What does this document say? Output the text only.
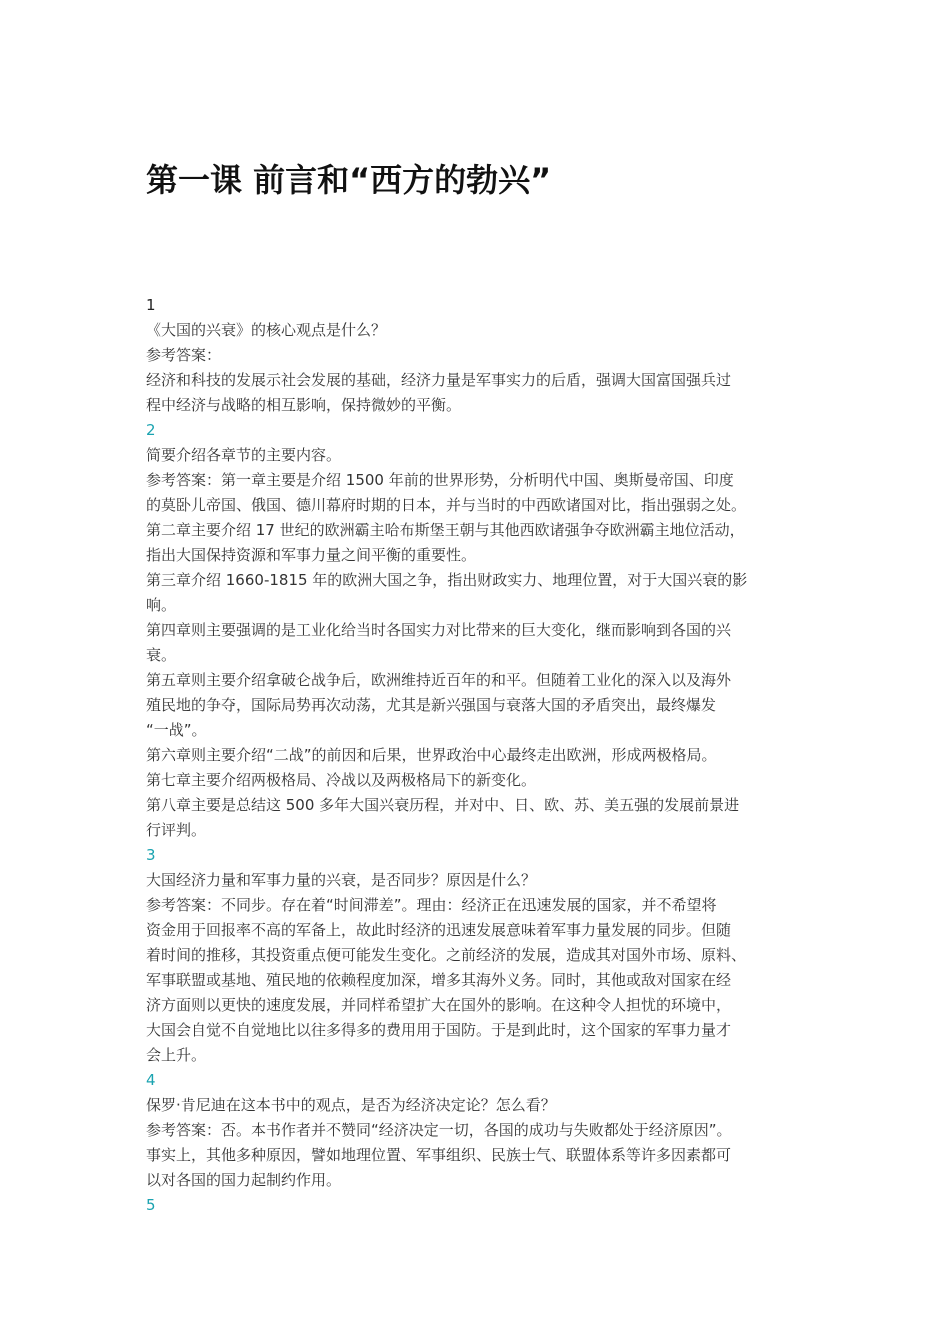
第一课 前言和“西方的勃兴”
1
《大国的兴衰》的核心观点是什么？
参考答案：
经济和科技的发展示社会发展的基础，经济力量是军事实力的后盾，强调大国富国强兵过
程中经济与战略的相互影响，保持微妙的平衡。
2
简要介绍各章节的主要内容。
参考答案：第一章主要是介绍 1500 年前的世界形势，分析明代中国、奥斯曼帝国、印度
的莫卧儿帝国、俄国、德川幕府时期的日本，并与当时的中西欧诸国对比，指出强弱之处。
第二章主要介绍 17 世纪的欧洲霸主哈布斯堡王朝与其他西欧诸强争夺欧洲霸主地位活动，
指出大国保持资源和军事力量之间平衡的重要性。
第三章介绍 1660-1815 年的欧洲大国之争，指出财政实力、地理位置，对于大国兴衰的影
响。
第四章则主要强调的是工业化给当时各国实力对比带来的巨大变化，继而影响到各国的兴
衰。
第五章则主要介绍拿破仑战争后，欧洲维持近百年的和平。但随着工业化的深入以及海外
殖民地的争夺，国际局势再次动荡，尤其是新兴强国与衰落大国的矛盾突出，最终爆发
“一战”。
第六章则主要介绍“二战”的前因和后果，世界政治中心最终走出欧洲，形成两极格局。
第七章主要介绍两极格局、冷战以及两极格局下的新变化。
第八章主要是总结这 500 多年大国兴衰历程，并对中、日、欧、苏、美五强的发展前景进
行评判。
3
大国经济力量和军事力量的兴衰，是否同步？原因是什么？
参考答案：不同步。存在着“时间滞差”。理由：经济正在迅速发展的国家，并不希望将
资金用于回报率不高的军备上，故此时经济的迅速发展意味着军事力量发展的同步。但随
着时间的推移，其投资重点便可能发生变化。之前经济的发展，造成其对国外市场、原料、
军事联盟或基地、殖民地的依赖程度加深，增多其海外义务。同时，其他或敌对国家在经
济方面则以更快的速度发展，并同样希望扩大在国外的影响。在这种令人担忧的环境中，
大国会自觉不自觉地比以往多得多的费用用于国防。于是到此时，这个国家的军事力量才
会上升。
4
保罗·肯尼迪在这本书中的观点，是否为经济决定论？怎么看？
参考答案：否。本书作者并不赞同“经济决定一切，各国的成功与失败都处于经济原因”。
事实上，其他多种原因，譬如地理位置、军事组织、民族士气、联盟体系等许多因素都可
以对各国的国力起制约作用。
5
